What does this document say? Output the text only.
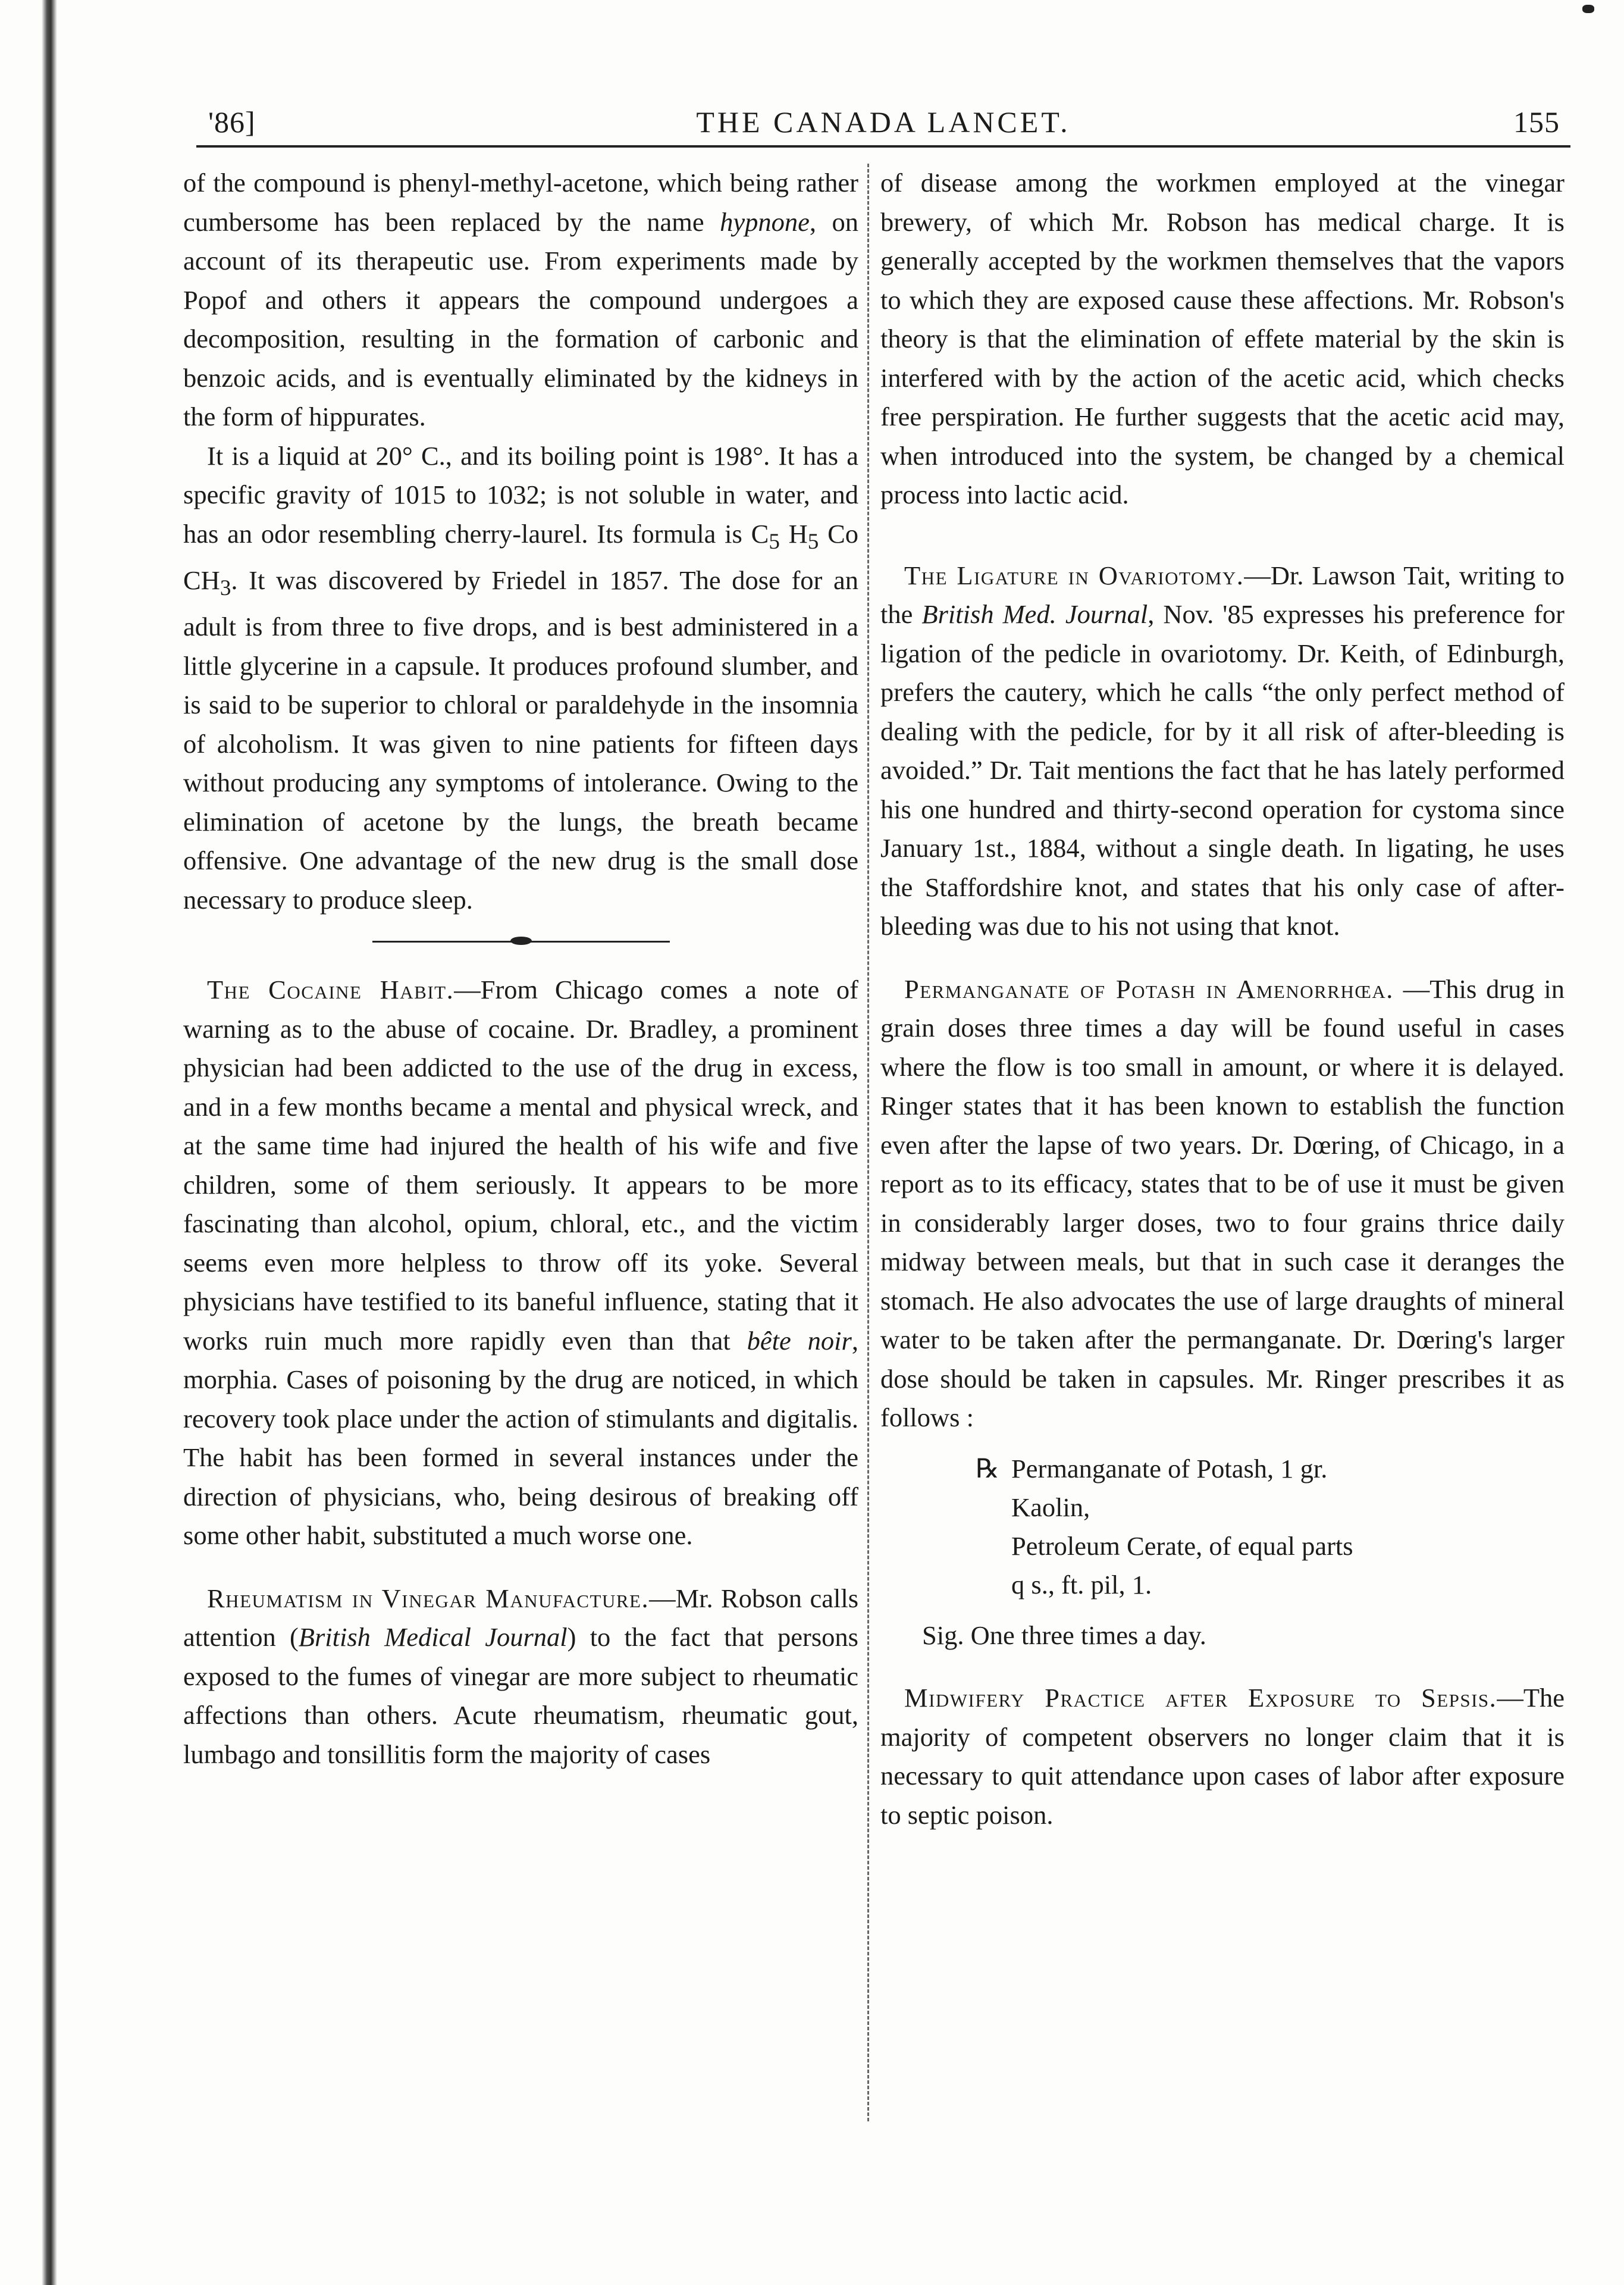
'86]	THE CANADA LANCET.	155

of the compound is phenyl-methyl-acetone, which being rather cumbersome has been replaced by the name hypnone, on account of its therapeutic use. From experiments made by Popof and others it appears the compound undergoes a decomposition, resulting in the formation of carbonic and benzoic acids, and is eventually eliminated by the kidneys in the form of hippurates.

It is a liquid at 20° C., and its boiling point is 198°. It has a specific gravity of 1015 to 1032; is not soluble in water, and has an odor resembling cherry-laurel. Its formula is $C_5$ $H_5$ Co $CH_3$. It was discovered by Friedel in 1857. The dose for an adult is from three to five drops, and is best administered in a little glycerine in a capsule. It produces profound slumber, and is said to be superior to chloral or paraldehyde in the insomnia of alcoholism. It was given to nine patients for fifteen days without producing any symptoms of intolerance. Owing to the elimination of acetone by the lungs, the breath became offensive. One advantage of the new drug is the small dose necessary to produce sleep.

The Cocaine Habit.—From Chicago comes a note of warning as to the abuse of cocaine. Dr. Bradley, a prominent physician had been addicted to the use of the drug in excess, and in a few months became a mental and physical wreck, and at the same time had injured the health of his wife and five children, some of them seriously. It appears to be more fascinating than alcohol, opium, chloral, etc., and the victim seems even more helpless to throw off its yoke. Several physicians have testified to its baneful influence, stating that it works ruin much more rapidly even than that bête noir, morphia. Cases of poisoning by the drug are noticed, in which recovery took place under the action of stimulants and digitalis. The habit has been formed in several instances under the direction of physicians, who, being desirous of breaking off some other habit, substituted a much worse one.

Rheumatism in Vinegar Manufacture.—Mr. Robson calls attention (British Medical Journal) to the fact that persons exposed to the fumes of vinegar are more subject to rheumatic affections than others. Acute rheumatism, rheumatic gout, lumbago and tonsillitis form the majority of cases

of disease among the workmen employed at the vinegar brewery, of which Mr. Robson has medical charge. It is generally accepted by the workmen themselves that the vapors to which they are exposed cause these affections. Mr. Robson's theory is that the elimination of effete material by the skin is interfered with by the action of the acetic acid, which checks free perspiration. He further suggests that the acetic acid may, when introduced into the system, be changed by a chemical process into lactic acid.

The Ligature in Ovariotomy.—Dr. Lawson Tait, writing to the British Med. Journal, Nov. '85 expresses his preference for ligation of the pedicle in ovariotomy. Dr. Keith, of Edinburgh, prefers the cautery, which he calls “the only perfect method of dealing with the pedicle, for by it all risk of after-bleeding is avoided.” Dr. Tait mentions the fact that he has lately performed his one hundred and thirty-second operation for cystoma since January 1st., 1884, without a single death. In ligating, he uses the Staffordshire knot, and states that his only case of after-bleeding was due to his not using that knot.

Permanganate of Potash in Amenorrhœa. —This drug in grain doses three times a day will be found useful in cases where the flow is too small in amount, or where it is delayed. Ringer states that it has been known to establish the function even after the lapse of two years. Dr. Dœring, of Chicago, in a report as to its efficacy, states that to be of use it must be given in considerably larger doses, two to four grains thrice daily midway between meals, but that in such case it deranges the stomach. He also advocates the use of large draughts of mineral water to be taken after the permanganate. Dr. Dœring's larger dose should be taken in capsules. Mr. Ringer prescribes it as follows :

℞ Permanganate of Potash, 1 gr.

Kaolin,

Petroleum Cerate, of equal parts

q s., ft. pil, 1.

Sig. One three times a day.

Midwifery Practice after Exposure to Sepsis.—The majority of competent observers no longer claim that it is necessary to quit attendance upon cases of labor after exposure to septic poison.
